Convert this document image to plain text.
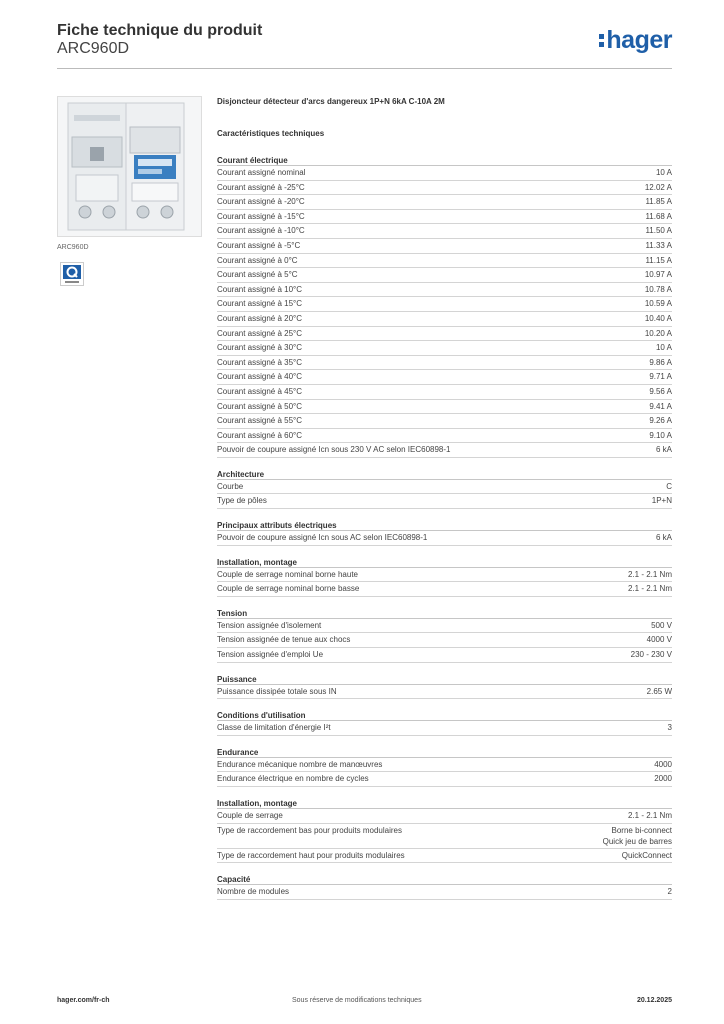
Fiche technique du produit
ARC960D	hager
ARC960D
Disjoncteur détecteur d'arcs dangereux 1P+N 6kA C-10A 2M
Caractéristiques techniques
Courant électrique
Courant assigné nominal	10 A
Courant assigné à -25°C	12.02 A
Courant assigné à -20°C	11.85 A
Courant assigné à -15°C	11.68 A
Courant assigné à -10°C	11.50 A
Courant assigné à -5°C	11.33 A
Courant assigné à 0°C	11.15 A
Courant assigné à 5°C	10.97 A
Courant assigné à 10°C	10.78 A
Courant assigné à 15°C	10.59 A
Courant assigné à 20°C	10.40 A
Courant assigné à 25°C	10.20 A
Courant assigné à 30°C	10 A
Courant assigné à 35°C	9.86 A
Courant assigné à 40°C	9.71 A
Courant assigné à 45°C	9.56 A
Courant assigné à 50°C	9.41 A
Courant assigné à 55°C	9.26 A
Courant assigné à 60°C	9.10 A
Pouvoir de coupure assigné Icn sous 230 V AC selon IEC60898-1	6 kA
Architecture
Courbe	C
Type de pôles	1P+N
Principaux attributs électriques
Pouvoir de coupure assigné Icn sous AC selon IEC60898-1	6 kA
Installation, montage
Couple de serrage nominal borne haute	2.1 - 2.1 Nm
Couple de serrage nominal borne basse	2.1 - 2.1 Nm
Tension
Tension assignée d'isolement	500 V
Tension assignée de tenue aux chocs	4000 V
Tension assignée d'emploi Ue	230 - 230 V
Puissance
Puissance dissipée totale sous IN	2.65 W
Conditions d'utilisation
Classe de limitation d'énergie I²t	3
Endurance
Endurance mécanique nombre de manœuvres	4000
Endurance électrique en nombre de cycles	2000
Installation, montage
Couple de serrage	2.1 - 2.1 Nm
Type de raccordement bas pour produits modulaires	Borne bi-connect
Quick jeu de barres
Type de raccordement haut pour produits modulaires	QuickConnect
Capacité
Nombre de modules	2
hager.com/fr-ch	Sous réserve de modifications techniques	20.12.2025
